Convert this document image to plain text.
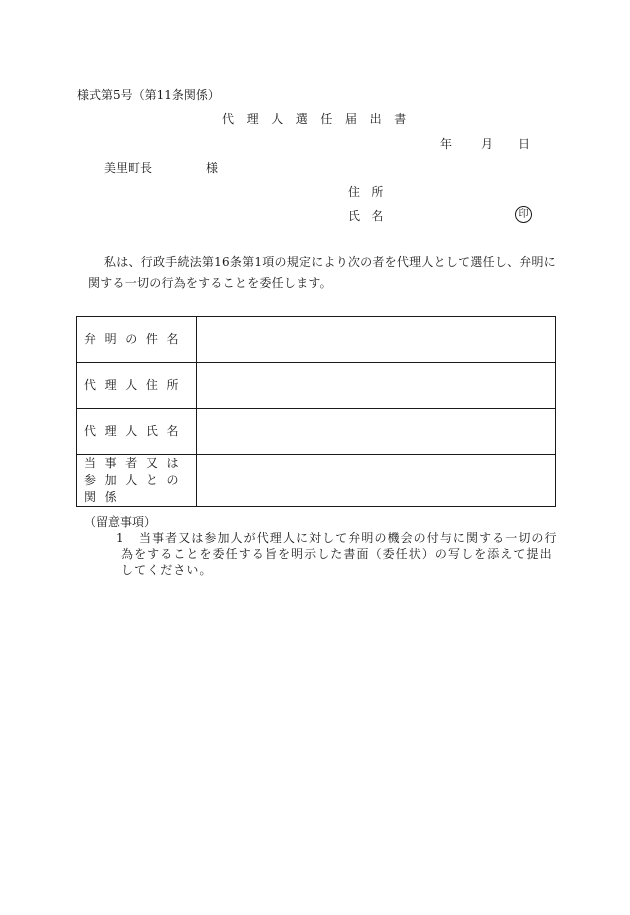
様式第5号（第11条関係）
代理人選任届出書
年 月 日
美里町長	様
住所
氏名	印
私は、行政手続法第16条第1項の規定により次の者を代理人として選任し、弁明に関する一切の行為をすることを委任します。
弁明の件名	
代理人住所	
代理人氏名	
当事者又は参加人との関係	
（留意事項）
1	当事者又は参加人が代理人に対して弁明の機会の付与に関する一切の行為をすることを委任する旨を明示した書面（委任状）の写しを添えて提出してください。
